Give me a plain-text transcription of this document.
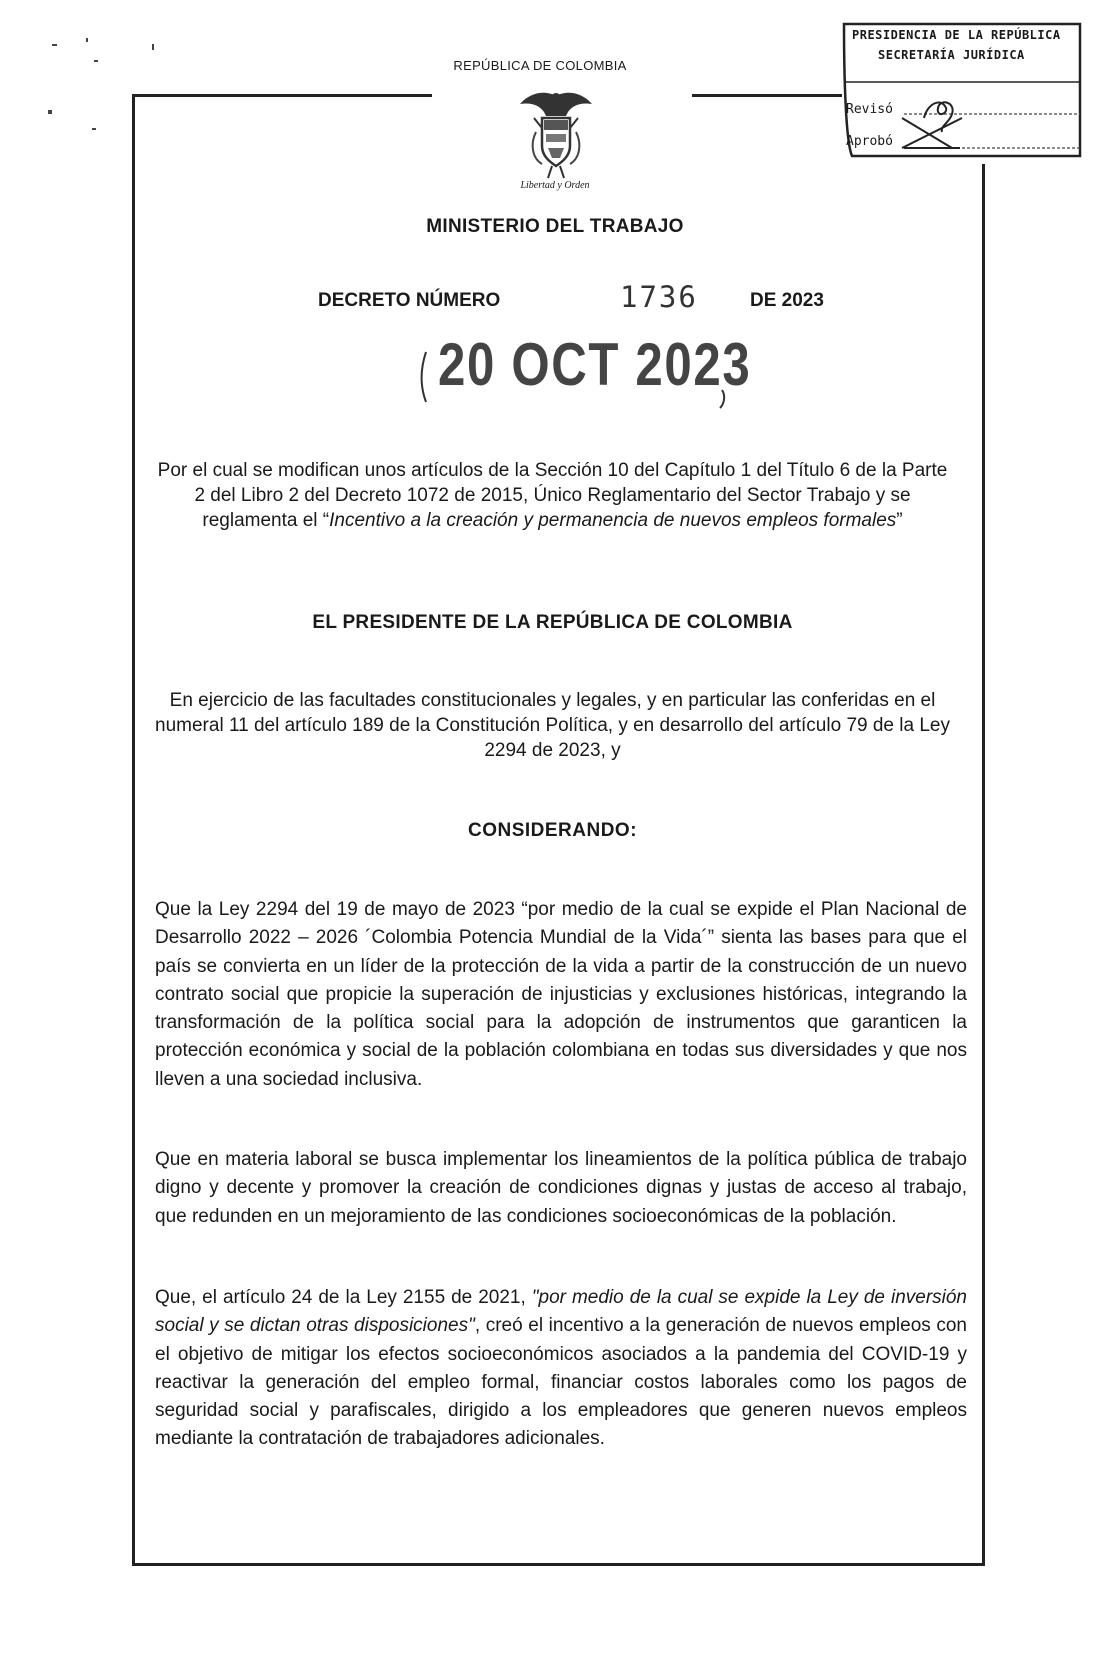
REPÚBLICA DE COLOMBIA
Libertad y Orden
PRESIDENCIA DE LA REPÚBLICA
SECRETARÍA JURÍDICA
Revisó
Aprobó
MINISTERIO DEL TRABAJO
DECRETO NÚMERO	1736	DE 2023
20 OCT 2023
Por el cual se modifican unos artículos de la Sección 10 del Capítulo 1 del Título 6 de la Parte 2 del Libro 2 del Decreto 1072 de 2015, Único Reglamentario del Sector Trabajo y se reglamenta el “Incentivo a la creación y permanencia de nuevos empleos formales”
EL PRESIDENTE DE LA REPÚBLICA DE COLOMBIA
En ejercicio de las facultades constitucionales y legales, y en particular las conferidas en el numeral 11 del artículo 189 de la Constitución Política, y en desarrollo del artículo 79 de la Ley 2294 de 2023, y
CONSIDERANDO:
Que la Ley 2294 del 19 de mayo de 2023 “por medio de la cual se expide el Plan Nacional de Desarrollo 2022 – 2026 ´Colombia Potencia Mundial de la Vida´” sienta las bases para que el país se convierta en un líder de la protección de la vida a partir de la construcción de un nuevo contrato social que propicie la superación de injusticias y exclusiones históricas, integrando la transformación de la política social para la adopción de instrumentos que garanticen la protección económica y social de la población colombiana en todas sus diversidades y que nos lleven a una sociedad inclusiva.
Que en materia laboral se busca implementar los lineamientos de la política pública de trabajo digno y decente y promover la creación de condiciones dignas y justas de acceso al trabajo, que redunden en un mejoramiento de las condiciones socioeconómicas de la población.
Que, el artículo 24 de la Ley 2155 de 2021, "por medio de la cual se expide la Ley de inversión social y se dictan otras disposiciones", creó el incentivo a la generación de nuevos empleos con el objetivo de mitigar los efectos socioeconómicos asociados a la pandemia del COVID-19 y reactivar la generación del empleo formal, financiar costos laborales como los pagos de seguridad social y parafiscales, dirigido a los empleadores que generen nuevos empleos mediante la contratación de trabajadores adicionales.
